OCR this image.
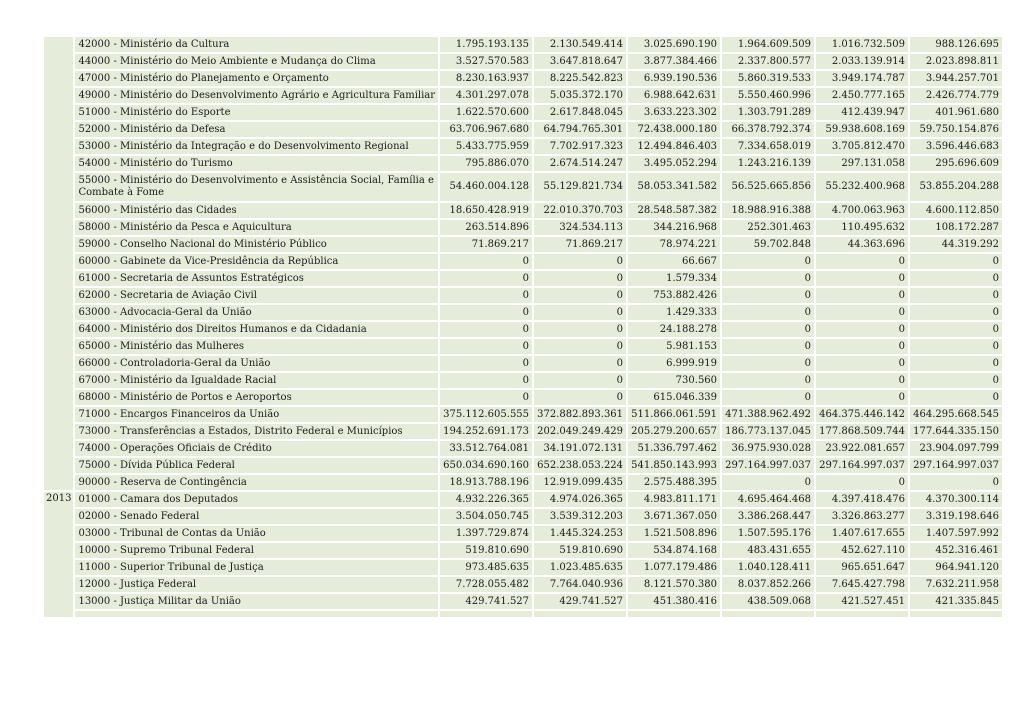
	42000 - Ministério da Cultura	1.795.193.135	2.130.549.414	3.025.690.190	1.964.609.509	1.016.732.509	988.126.695
	44000 - Ministério do Meio Ambiente e Mudança do Clima	3.527.570.583	3.647.818.647	3.877.384.466	2.337.800.577	2.033.139.914	2.023.898.811
	47000 - Ministério do Planejamento e Orçamento	8.230.163.937	8.225.542.823	6.939.190.536	5.860.319.533	3.949.174.787	3.944.257.701
	49000 - Ministério do Desenvolvimento Agrário e Agricultura Familiar	4.301.297.078	5.035.372.170	6.988.642.631	5.550.460.996	2.450.777.165	2.426.774.779
	51000 - Ministério do Esporte	1.622.570.600	2.617.848.045	3.633.223.302	1.303.791.289	412.439.947	401.961.680
	52000 - Ministério da Defesa	63.706.967.680	64.794.765.301	72.438.000.180	66.378.792.374	59.938.608.169	59.750.154.876
	53000 - Ministério da Integração e do Desenvolvimento Regional	5.433.775.959	7.702.917.323	12.494.846.403	7.334.658.019	3.705.812.470	3.596.446.683
	54000 - Ministério do Turismo	795.886.070	2.674.514.247	3.495.052.294	1.243.216.139	297.131.058	295.696.609
	55000 - Ministério do Desenvolvimento e Assistência Social, Família e Combate à Fome	54.460.004.128	55.129.821.734	58.053.341.582	56.525.665.856	55.232.400.968	53.855.204.288
	56000 - Ministério das Cidades	18.650.428.919	22.010.370.703	28.548.587.382	18.988.916.388	4.700.063.963	4.600.112.850
	58000 - Ministério da Pesca e Aquicultura	263.514.896	324.534.113	344.216.968	252.301.463	110.495.632	108.172.287
	59000 - Conselho Nacional do Ministério Público	71.869.217	71.869.217	78.974.221	59.702.848	44.363.696	44.319.292
	60000 - Gabinete da Vice-Presidência da República	0	0	66.667	0	0	0
	61000 - Secretaria de Assuntos Estratégicos	0	0	1.579.334	0	0	0
	62000 - Secretaria de Aviação Civil	0	0	753.882.426	0	0	0
	63000 - Advocacia-Geral da União	0	0	1.429.333	0	0	0
	64000 - Ministério dos Direitos Humanos e da Cidadania	0	0	24.188.278	0	0	0
	65000 - Ministério das Mulheres	0	0	5.981.153	0	0	0
	66000 - Controladoria-Geral da União	0	0	6.999.919	0	0	0
	67000 - Ministério da Igualdade Racial	0	0	730.560	0	0	0
	68000 - Ministério de Portos e Aeroportos	0	0	615.046.339	0	0	0
	71000 - Encargos Financeiros da União	375.112.605.555	372.882.893.361	511.866.061.591	471.388.962.492	464.375.446.142	464.295.668.545
	73000 - Transferências a Estados, Distrito Federal e Municípios	194.252.691.173	202.049.249.429	205.279.200.657	186.773.137.045	177.868.509.744	177.644.335.150
	74000 - Operações Oficiais de Crédito	33.512.764.081	34.191.072.131	51.336.797.462	36.975.930.028	23.922.081.657	23.904.097.799
	75000 - Dívida Pública Federal	650.034.690.160	652.238.053.224	541.850.143.993	297.164.997.037	297.164.997.037	297.164.997.037
	90000 - Reserva de Contingência	18.913.788.196	12.919.099.435	2.575.488.395	0	0	0
2013	01000 - Camara dos Deputados	4.932.226.365	4.974.026.365	4.983.811.171	4.695.464.468	4.397.418.476	4.370.300.114
	02000 - Senado Federal	3.504.050.745	3.539.312.203	3.671.367.050	3.386.268.447	3.326.863.277	3.319.198.646
	03000 - Tribunal de Contas da União	1.397.729.874	1.445.324.253	1.521.508.896	1.507.595.176	1.407.617.655	1.407.597.992
	10000 - Supremo Tribunal Federal	519.810.690	519.810.690	534.874.168	483.431.655	452.627.110	452.316.461
	11000 - Superior Tribunal de Justiça	973.485.635	1.023.485.635	1.077.179.486	1.040.128.411	965.651.647	964.941.120
	12000 - Justiça Federal	7.728.055.482	7.764.040.936	8.121.570.380	8.037.852.266	7.645.427.798	7.632.211.958
	13000 - Justiça Militar da União	429.741.527	429.741.527	451.380.416	438.509.068	421.527.451	421.335.845
